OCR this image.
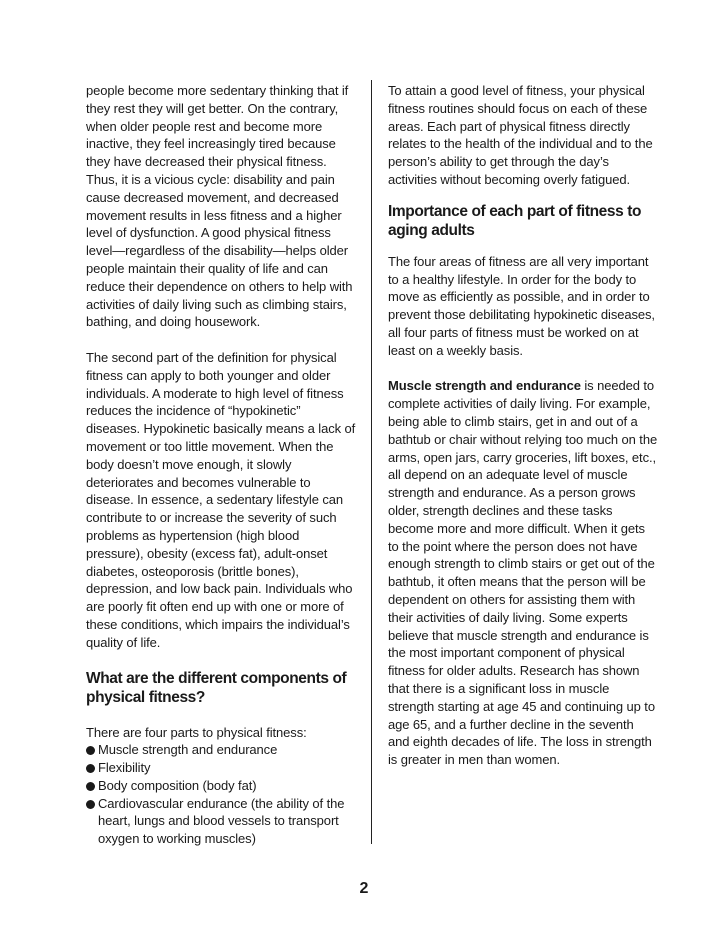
people become more sedentary thinking that if they rest they will get better. On the contrary, when older people rest and become more inactive, they feel increasingly tired because they have decreased their physical fitness. Thus, it is a vicious cycle: disability and pain cause decreased movement, and decreased movement results in less fitness and a higher level of dysfunction. A good physical fitness level—regardless of the disability—helps older people maintain their quality of life and can reduce their dependence on others to help with activities of daily living such as climbing stairs, bathing, and doing housework.

The second part of the definition for physical fitness can apply to both younger and older individuals. A moderate to high level of fitness reduces the incidence of “hypokinetic” diseases. Hypokinetic basically means a lack of movement or too little movement. When the body doesn’t move enough, it slowly deteriorates and becomes vulnerable to disease. In essence, a sedentary lifestyle can contribute to or increase the severity of such problems as hypertension (high blood pressure), obesity (excess fat), adult-onset diabetes, osteoporosis (brittle bones), depression, and low back pain. Individuals who are poorly fit often end up with one or more of these conditions, which impairs the individual’s quality of life.

What are the different components of physical fitness?

There are four parts to physical fitness:

Muscle strength and endurance
Flexibility
Body composition (body fat)
Cardiovascular endurance (the ability of the heart, lungs and blood vessels to transport oxygen to working muscles)

To attain a good level of fitness, your physical fitness routines should focus on each of these areas. Each part of physical fitness directly relates to the health of the individual and to the person’s ability to get through the day’s activities without becoming overly fatigued.

Importance of each part of fitness to aging adults

The four areas of fitness are all very important to a healthy lifestyle. In order for the body to move as efficiently as possible, and in order to prevent those debilitating hypokinetic diseases, all four parts of fitness must be worked on at least on a weekly basis.

Muscle strength and endurance is needed to complete activities of daily living. For example, being able to climb stairs, get in and out of a bathtub or chair without relying too much on the arms, open jars, carry groceries, lift boxes, etc., all depend on an adequate level of muscle strength and endurance. As a person grows older, strength declines and these tasks become more and more difficult. When it gets to the point where the person does not have enough strength to climb stairs or get out of the bathtub, it often means that the person will be dependent on others for assisting them with their activities of daily living. Some experts believe that muscle strength and endurance is the most important component of physical fitness for older adults. Research has shown that there is a significant loss in muscle strength starting at age 45 and continuing up to age 65, and a further decline in the seventh and eighth decades of life. The loss in strength is greater in men than women.

2
